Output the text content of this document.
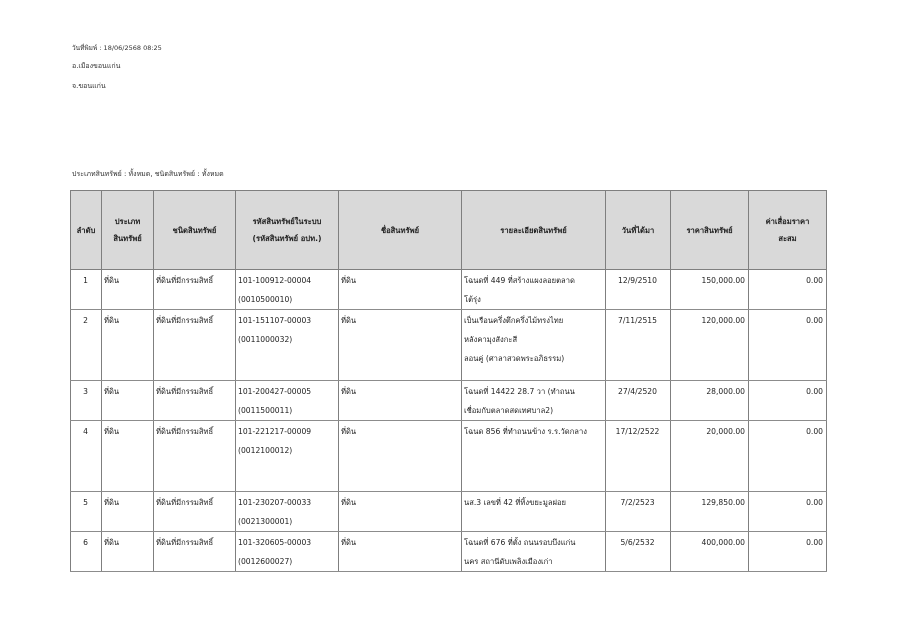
วันที่พิมพ์ : 18/06/2568 08:25
อ.เมืองขอนแก่น
จ.ขอนแก่น
ประเภทสินทรัพย์ : ทั้งหมด, ชนิดสินทรัพย์ : ทั้งหมด
ลำดับ	ประเภท
สินทรัพย์	ชนิดสินทรัพย์	รหัสสินทรัพย์ในระบบ
(รหัสสินทรัพย์ อปท.)	ชื่อสินทรัพย์	รายละเอียดสินทรัพย์	วันที่ได้มา	ราคาสินทรัพย์	ค่าเสื่อมราคา
สะสม

1	ที่ดิน	ที่ดินที่มีกรรมสิทธิ์	101-100912-00004
(0010500010)	ที่ดิน	โฉนดที่ 449 ที่สร้างแผงลอยตลาด
โต้รุ่ง	12/9/2510	150,000.00	0.00

2	ที่ดิน	ที่ดินที่มีกรรมสิทธิ์	101-151107-00003
(0011000032)	ที่ดิน	เป็นเรือนครึ่งตึกครึ่งไม้ทรงไทย
หลังคามุงสังกะสี
ลอนคู่ (ศาลาสวดพระอภิธรรม)	7/11/2515	120,000.00	0.00

3	ที่ดิน	ที่ดินที่มีกรรมสิทธิ์	101-200427-00005
(0011500011)	ที่ดิน	โฉนดที่ 14422 28.7 วา (ทำถนน
เชื่อมกับตลาดสดเทศบาล2)	27/4/2520	28,000.00	0.00

4	ที่ดิน	ที่ดินที่มีกรรมสิทธิ์	101-221217-00009
(0012100012)	ที่ดิน	โฉนด 856 ที่ทำถนนข้าง ร.ร.วัดกลาง	17/12/2522	20,000.00	0.00

5	ที่ดิน	ที่ดินที่มีกรรมสิทธิ์	101-230207-00033
(0021300001)	ที่ดิน	นส.3 เลขที่ 42 ที่ทิ้งขยะมูลฝอย	7/2/2523	129,850.00	0.00

6	ที่ดิน	ที่ดินที่มีกรรมสิทธิ์	101-320605-00003
(0012600027)	ที่ดิน	โฉนดที่ 676 ที่ตั้ง ถนนรอบบึงแก่น
นคร สถานีดับเพลิงเมืองเก่า	5/6/2532	400,000.00	0.00
